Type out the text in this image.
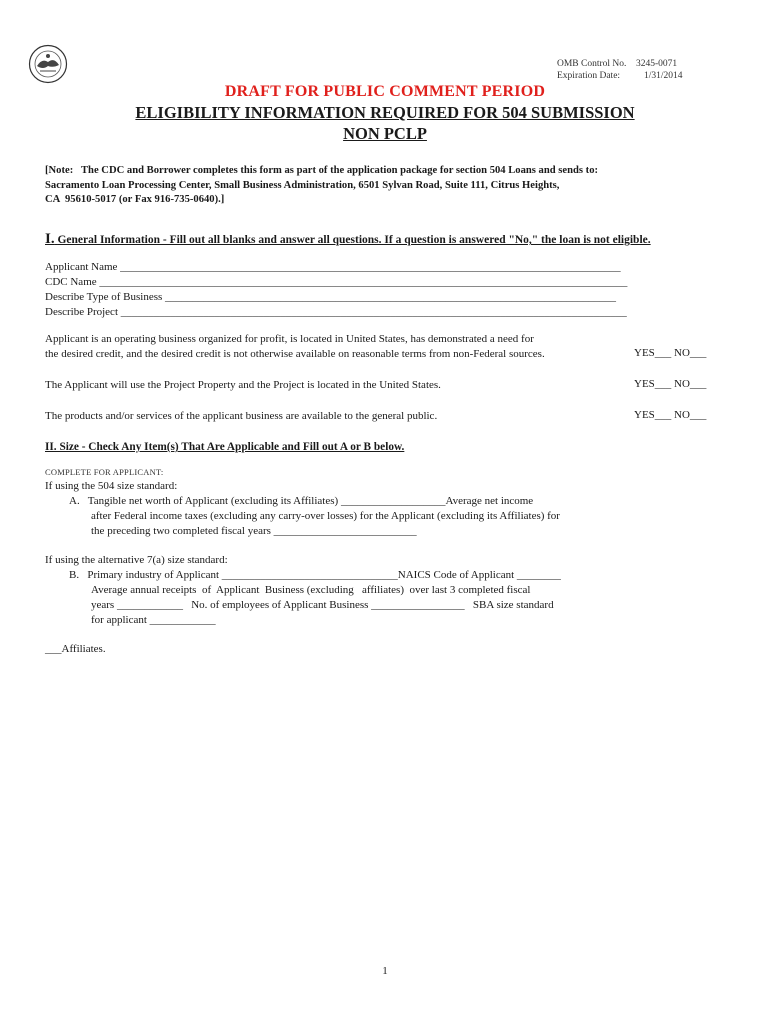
OMB Control No. 3245-0071
Expiration Date:	1/31/2014
DRAFT FOR PUBLIC COMMENT PERIOD
ELIGIBILITY INFORMATION REQUIRED FOR 504 SUBMISSION
NON PCLP
[Note:   The CDC and Borrower completes this form as part of the application package for section 504 Loans and sends to:
Sacramento Loan Processing Center, Small Business Administration, 6501 Sylvan Road, Suite 111, Citrus Heights,
CA  95610-5017 (or Fax 916-735-0640).]
I. General Information - Fill out all blanks and answer all questions. If a question is answered "No," the loan is not eligible.
Applicant Name ___________________________________________________________________________________________
CDC Name ________________________________________________________________________________________________
Describe Type of Business __________________________________________________________________________________
Describe Project ____________________________________________________________________________________________
Applicant is an operating business organized for profit, is located in United States, has demonstrated a need for
the desired credit, and the desired credit is not otherwise available on reasonable terms from non-Federal sources.	YES___ NO___
The Applicant will use the Project Property and the Project is located in the United States.	YES___ NO___
The products and/or services of the applicant business are available to the general public.	YES___ NO___
II. Size - Check Any Item(s) That Are Applicable and Fill out A or B below.
COMPLETE FOR APPLICANT:
If using the 504 size standard:
A.   Tangible net worth of Applicant (excluding its Affiliates) ___________________Average net income
after Federal income taxes (excluding any carry-over losses) for the Applicant (excluding its Affiliates) for
the preceding two completed fiscal years __________________________
If using the alternative 7(a) size standard:
B.   Primary industry of Applicant ________________________________NAICS Code of Applicant ________
Average annual receipts  of  Applicant  Business (excluding   affiliates)  over last 3 completed fiscal
years ____________   No. of employees of Applicant Business _________________   SBA size standard
for applicant ____________
___Affiliates.
1
